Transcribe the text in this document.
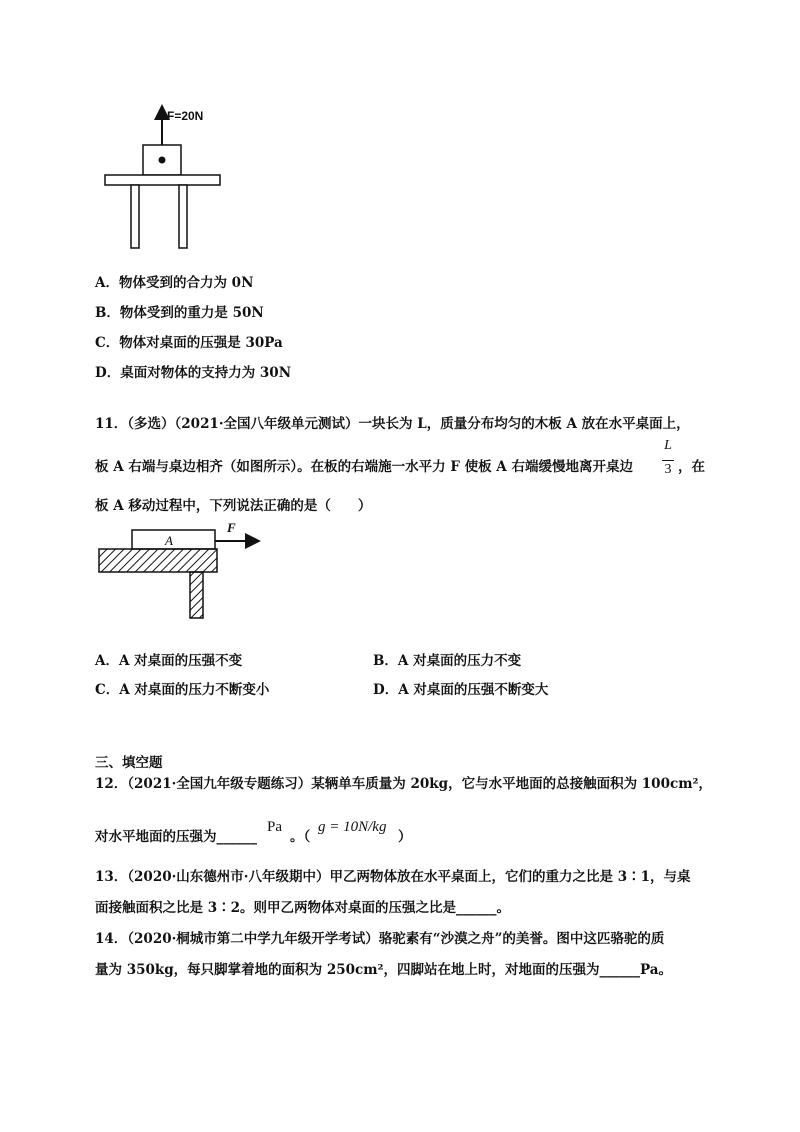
F=20N
A．物体受到的合力为 0N
B．物体受到的重力是 50N
C．物体对桌面的压强是 30Pa
D．桌面对物体的支持力为 30N
11．（多选）（2021·全国八年级单元测试）一块长为 L，质量分布均匀的木板 A 放在水平桌面上，
板 A 右端与桌边相齐（如图所示）。在板的右端施一水平力 F 使板 A 右端缓慢地离开桌边
L
3 ，在
板 A 移动过程中，下列说法正确的是（　　）
A
F
A．A 对桌面的压强不变	B．A 对桌面的压力不变
C．A 对桌面的压力不断变小	D．A 对桌面的压强不断变大
三、填空题
12．（2021·全国九年级专题练习）某辆单车质量为 20kg，它与水平地面的总接触面积为 100cm²，
对水平地面的压强为______
Pa
。（
g = 10N/kg
）
13．（2020·山东德州市·八年级期中）甲乙两物体放在水平桌面上，它们的重力之比是 3∶1，与桌
面接触面积之比是 3∶2。则甲乙两物体对桌面的压强之比是______。
14．（2020·桐城市第二中学九年级开学考试）骆驼素有“沙漠之舟”的美誉。图中这匹骆驼的质
量为 350kg，每只脚掌着地的面积为 250cm²，四脚站在地上时，对地面的压强为______Pa。
